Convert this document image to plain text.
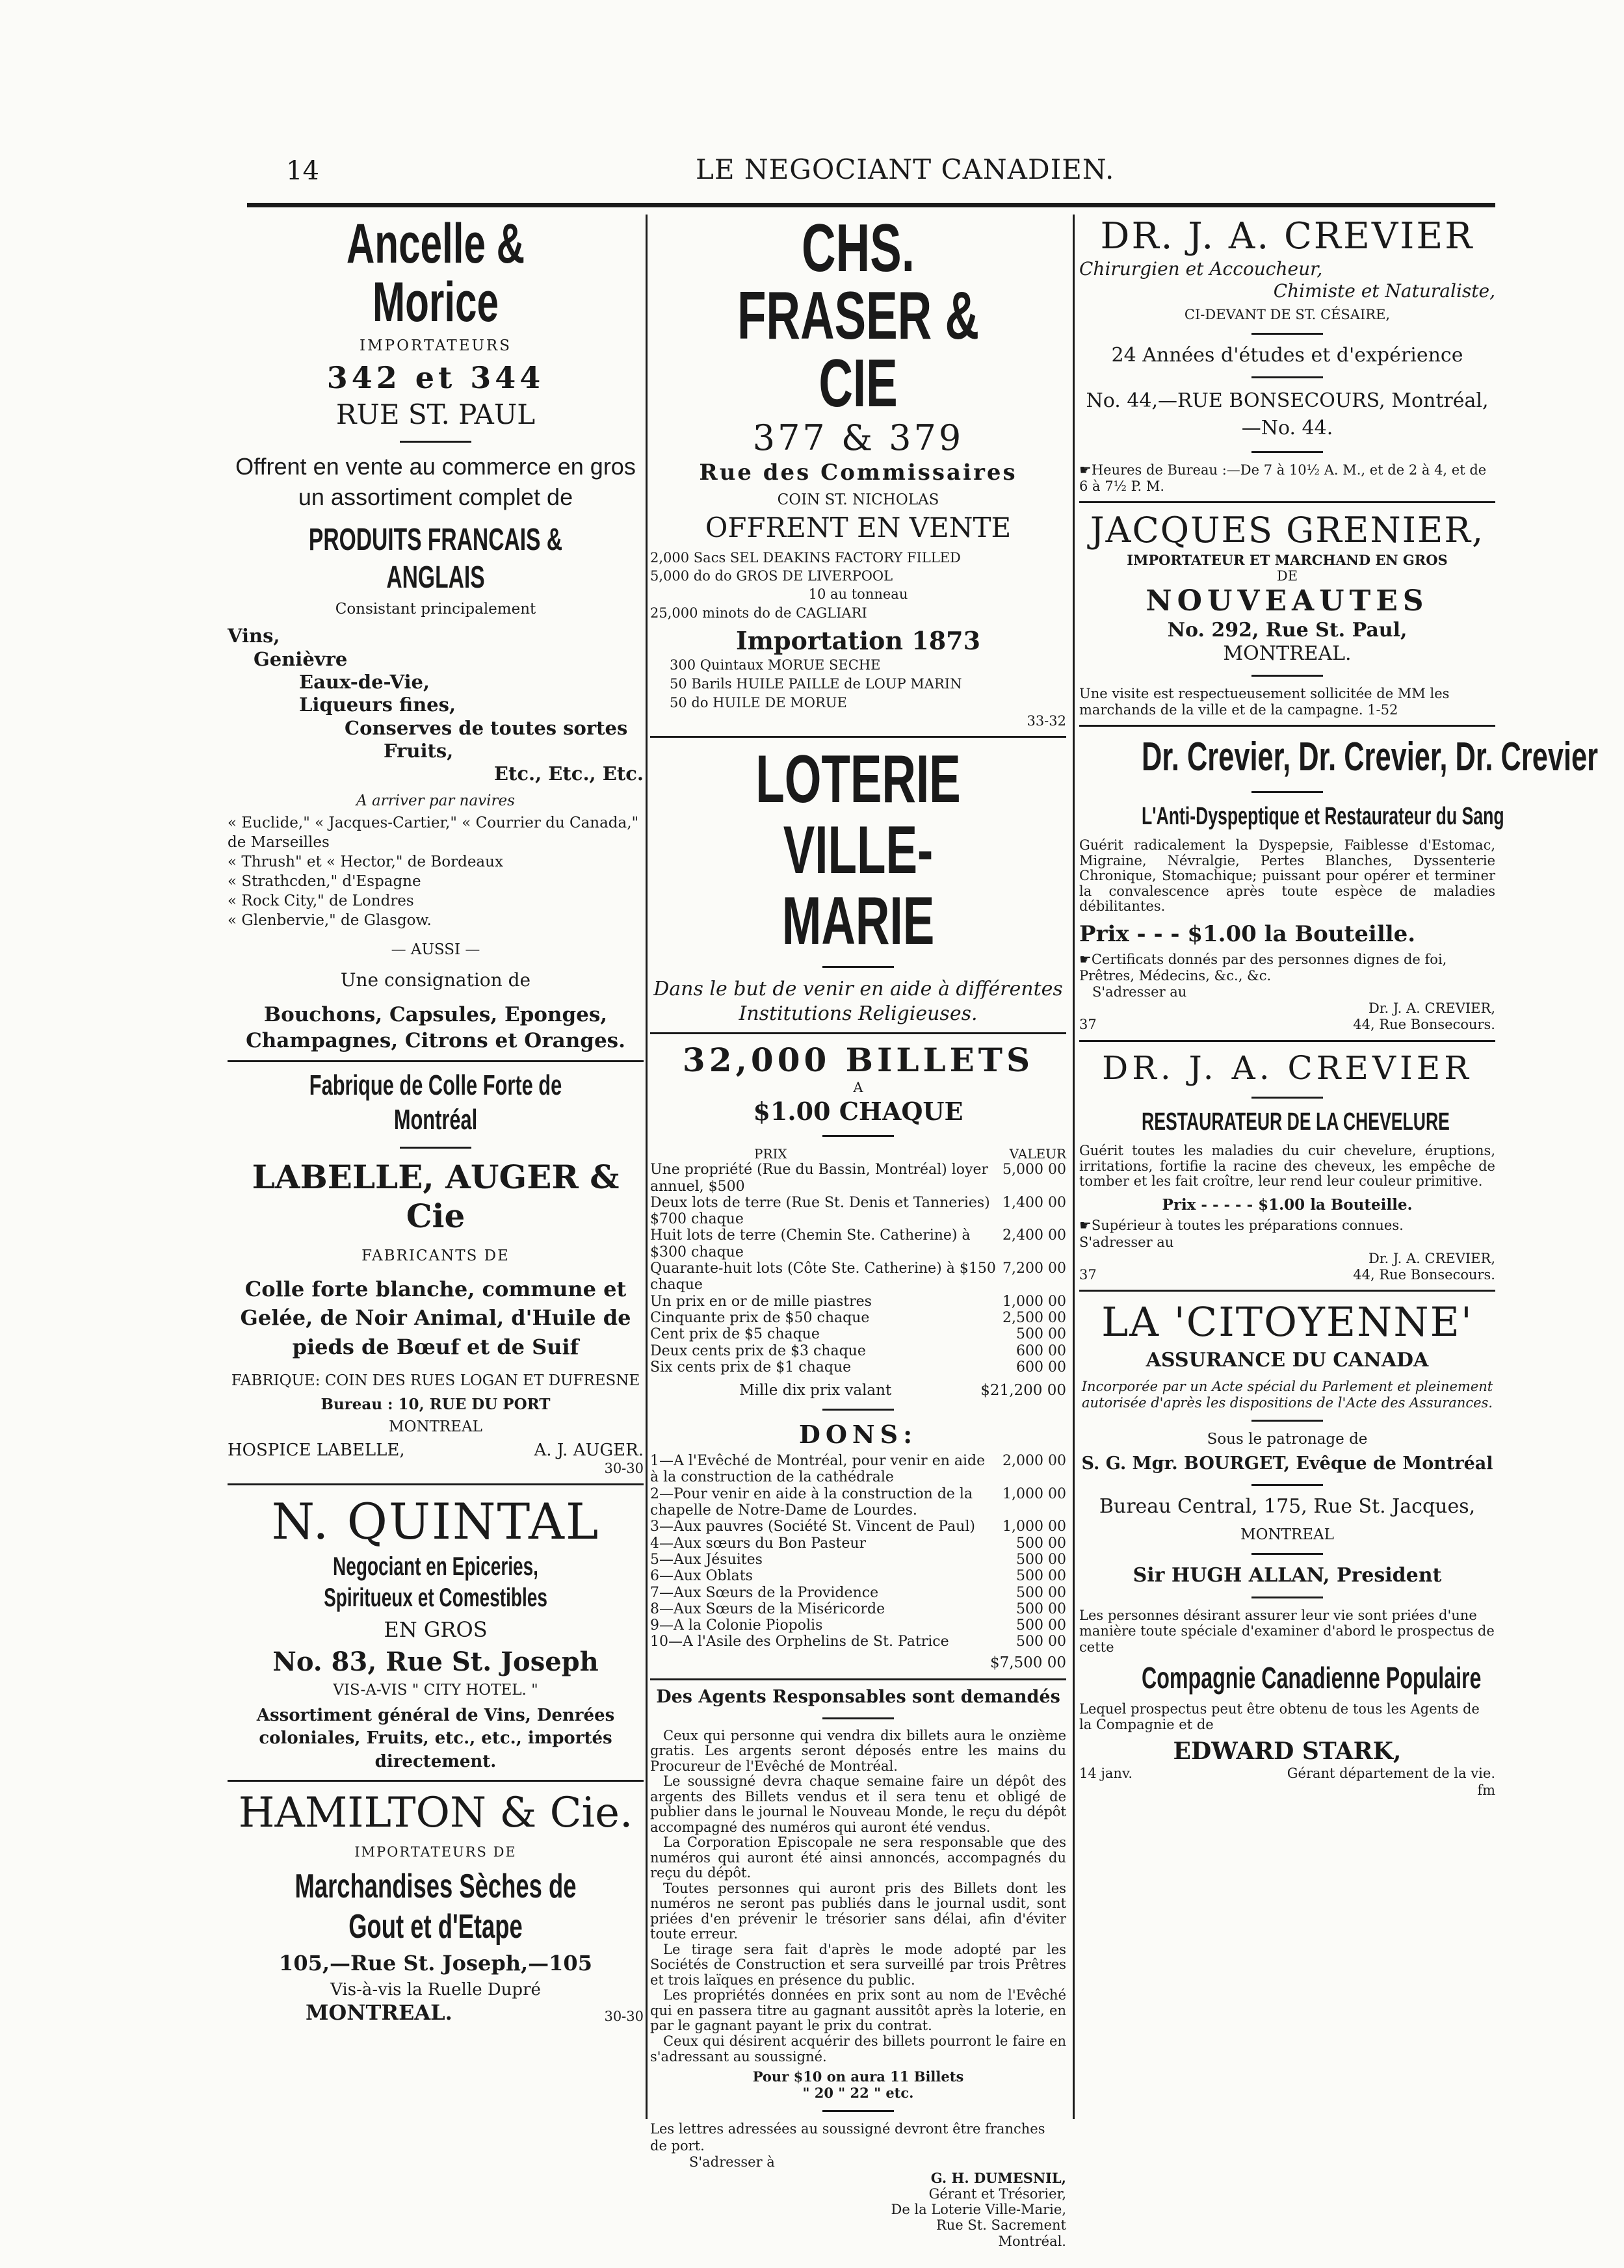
14	LE NEGOCIANT CANADIEN.
Ancelle & Morice
IMPORTATEURS
342 et 344
RUE ST. PAUL
Offrent en vente au commerce en gros un assortiment complet de
PRODUITS FRANCAIS & ANGLAIS
Consistant principalement
Vins,
Genièvre
Eaux-de-Vie,
Liqueurs fines,
Conserves de toutes sortes
Fruits,
Etc., Etc., Etc.
A arriver par navires
« Euclide," « Jacques-Cartier," « Courrier du Canada," de Marseilles
« Thrush" et « Hector," de Bordeaux
« Strathcden," d'Espagne
« Rock City," de Londres
« Glenbervie," de Glasgow.
— AUSSI —
Une consignation de
Bouchons, Capsules, Eponges, Champagnes, Citrons et Oranges.
Fabrique de Colle Forte de Montréal
LABELLE, AUGER & Cie
FABRICANTS DE
Colle forte blanche, commune et Gelée, de Noir Animal, d'Huile de pieds de Bœuf et de Suif
FABRIQUE: COIN DES RUES LOGAN ET DUFRESNE
Bureau : 10, RUE DU PORT
MONTREAL
HOSPICE LABELLE,	A. J. AUGER.
30-30
N. QUINTAL
Negociant en Epiceries, Spiritueux et Comestibles
EN GROS
No. 83, Rue St. Joseph
VIS-A-VIS " CITY HOTEL. "
Assortiment général de Vins, Denrées coloniales, Fruits, etc., etc., importés directement.
HAMILTON & Cie.
IMPORTATEURS DE
Marchandises Sèches de Gout et d'Etape
105,—Rue St. Joseph,—105
Vis-à-vis la Ruelle Dupré
MONTREAL.	30-30
CHS. FRASER & CIE
377 & 379
Rue des Commissaires
COIN ST. NICHOLAS
OFFRENT EN VENTE
2,000 Sacs SEL DEAKINS FACTORY FILLED
5,000 do do GROS DE LIVERPOOL
10 au tonneau
25,000 minots do de CAGLIARI
Importation 1873
300 Quintaux MORUE SECHE
50 Barils HUILE PAILLE de LOUP MARIN
50 do HUILE DE MORUE
33-32
LOTERIE VILLE-MARIE
Dans le but de venir en aide à différentes Institutions Religieuses.
32,000 BILLETS
A
$1.00 CHAQUE
PRIX	VALEUR
Une propriété (Rue du Bassin, Montréal) loyer annuel, $500
5,000 00
Deux lots de terre (Rue St. Denis et Tanneries) $700 chaque
1,400 00
Huit lots de terre (Chemin Ste. Catherine) à $300 chaque
2,400 00
Quarante-huit lots (Côte Ste. Catherine) à $150 chaque
7,200 00
Un prix en or de mille piastres	1,000 00
Cinquante prix de $50 chaque	2,500 00
Cent prix de $5 chaque	500 00
Deux cents prix de $3 chaque	600 00
Six cents prix de $1 chaque	600 00
Mille dix prix valant	$21,200 00
DONS:
1—A l'Evêché de Montréal, pour venir en aide à la construction de la cathédrale
2,000 00
2—Pour venir en aide à la construction de la chapelle de Notre-Dame de Lourdes.
1,000 00
3—Aux pauvres (Société St. Vincent de Paul)	1,000 00
4—Aux sœurs du Bon Pasteur	500 00
5—Aux Jésuites	500 00
6—Aux Oblats	500 00
7—Aux Sœurs de la Providence	500 00
8—Aux Sœurs de la Miséricorde	500 00
9—A la Colonie Piopolis	500 00
10—A l'Asile des Orphelins de St. Patrice	500 00
$7,500 00
Des Agents Responsables sont demandés
Ceux qui personne qui vendra dix billets aura le onzième gratis. Les argents seront déposés entre les mains du Procureur de l'Evêché de Montréal.
Le soussigné devra chaque semaine faire un dépôt des argents des Billets vendus et il sera tenu et obligé de publier dans le journal le Nouveau Monde, le reçu du dépôt accompagné des numéros qui auront été vendus.
La Corporation Episcopale ne sera responsable que des numéros qui auront été ainsi annoncés, accompagnés du reçu du dépôt.
Toutes personnes qui auront pris des Billets dont les numéros ne seront pas publiés dans le journal usdit, sont priées d'en prévenir le trésorier sans délai, afin d'éviter toute erreur.
Le tirage sera fait d'après le mode adopté par les Sociétés de Construction et sera surveillé par trois Prêtres et trois laïques en présence du public.
Les propriétés données en prix sont au nom de l'Evêché qui en passera titre au gagnant aussitôt après la loterie, en par le gagnant payant le prix du contrat.
Ceux qui désirent acquérir des billets pourront le faire en s'adressant au soussigné.
Pour $10 on aura 11 Billets
" 20 " 22 " etc.
Les lettres adressées au soussigné devront être franches de port.
S'adresser à
G. H. DUMESNIL,
Gérant et Trésorier,
De la Loterie Ville-Marie,
Rue St. Sacrement
Montréal.
DR. J. A. CREVIER
Chirurgien et Accoucheur,
Chimiste et Naturaliste,
CI-DEVANT DE ST. CÉSAIRE,
24 Années d'études et d'expérience
No. 44,—RUE BONSECOURS, Montréal,—No. 44.
☛Heures de Bureau :—De 7 à 10½ A. M., et de 2 à 4, et de 6 à 7½ P. M.
JACQUES GRENIER,
IMPORTATEUR ET MARCHAND EN GROS
DE
NOUVEAUTES
No. 292, Rue St. Paul,
MONTREAL.
Une visite est respectueusement sollicitée de MM les marchands de la ville et de la campagne. 1-52
Dr. Crevier, Dr. Crevier, Dr. Crevier
L'Anti-Dyspeptique et Restaurateur du Sang
Guérit radicalement la Dyspepsie, Faiblesse d'Estomac, Migraine, Névralgie, Pertes Blanches, Dyssenterie Chronique, Stomachique; puissant pour opérer et terminer la convalescence après toute espèce de maladies débilitantes.
Prix - - - $1.00 la Bouteille.
☛Certificats donnés par des personnes dignes de foi, Prêtres, Médecins, &c., &c.
S'adresser au
Dr. J. A. CREVIER,
37	44, Rue Bonsecours.
DR. J. A. CREVIER
RESTAURATEUR DE LA CHEVELURE
Guérit toutes les maladies du cuir chevelure, éruptions, irritations, fortifie la racine des cheveux, les empêche de tomber et les fait croître, leur rend leur couleur primitive.
Prix - - - - - $1.00 la Bouteille.
☛Supérieur à toutes les préparations connues.
S'adresser au
Dr. J. A. CREVIER,
37	44, Rue Bonsecours.
LA 'CITOYENNE'
ASSURANCE DU CANADA
Incorporée par un Acte spécial du Parlement et pleinement autorisée d'après les dispositions de l'Acte des Assurances.
Sous le patronage de
S. G. Mgr. BOURGET, Evêque de Montréal
Bureau Central, 175, Rue St. Jacques,
MONTREAL
Sir HUGH ALLAN, President
Les personnes désirant assurer leur vie sont priées d'une manière toute spéciale d'examiner d'abord le prospectus de cette
Compagnie Canadienne Populaire
Lequel prospectus peut être obtenu de tous les Agents de la Compagnie et de
EDWARD STARK,
14 janv.	Gérant département de la vie.
fm
